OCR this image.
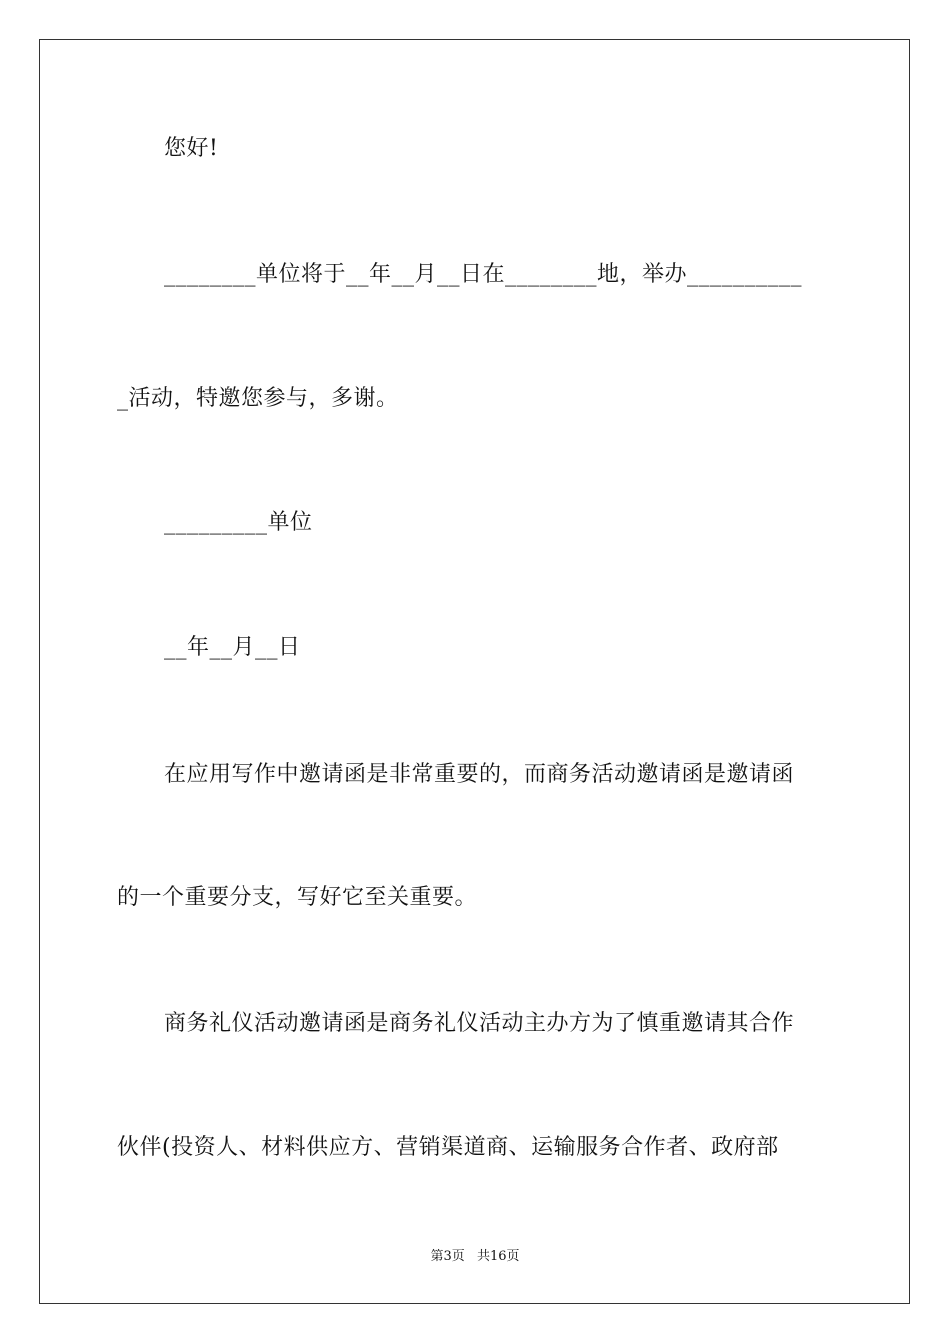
您好!
________单位将于__年__月__日在________地，举办__________
_活动，特邀您参与，多谢。
_________单位
__年__月__日
在应用写作中邀请函是非常重要的，而商务活动邀请函是邀请函
的一个重要分支，写好它至关重要。
商务礼仪活动邀请函是商务礼仪活动主办方为了慎重邀请其合作
伙伴(投资人、材料供应方、营销渠道商、运输服务合作者、政府部
第3页 共16页
